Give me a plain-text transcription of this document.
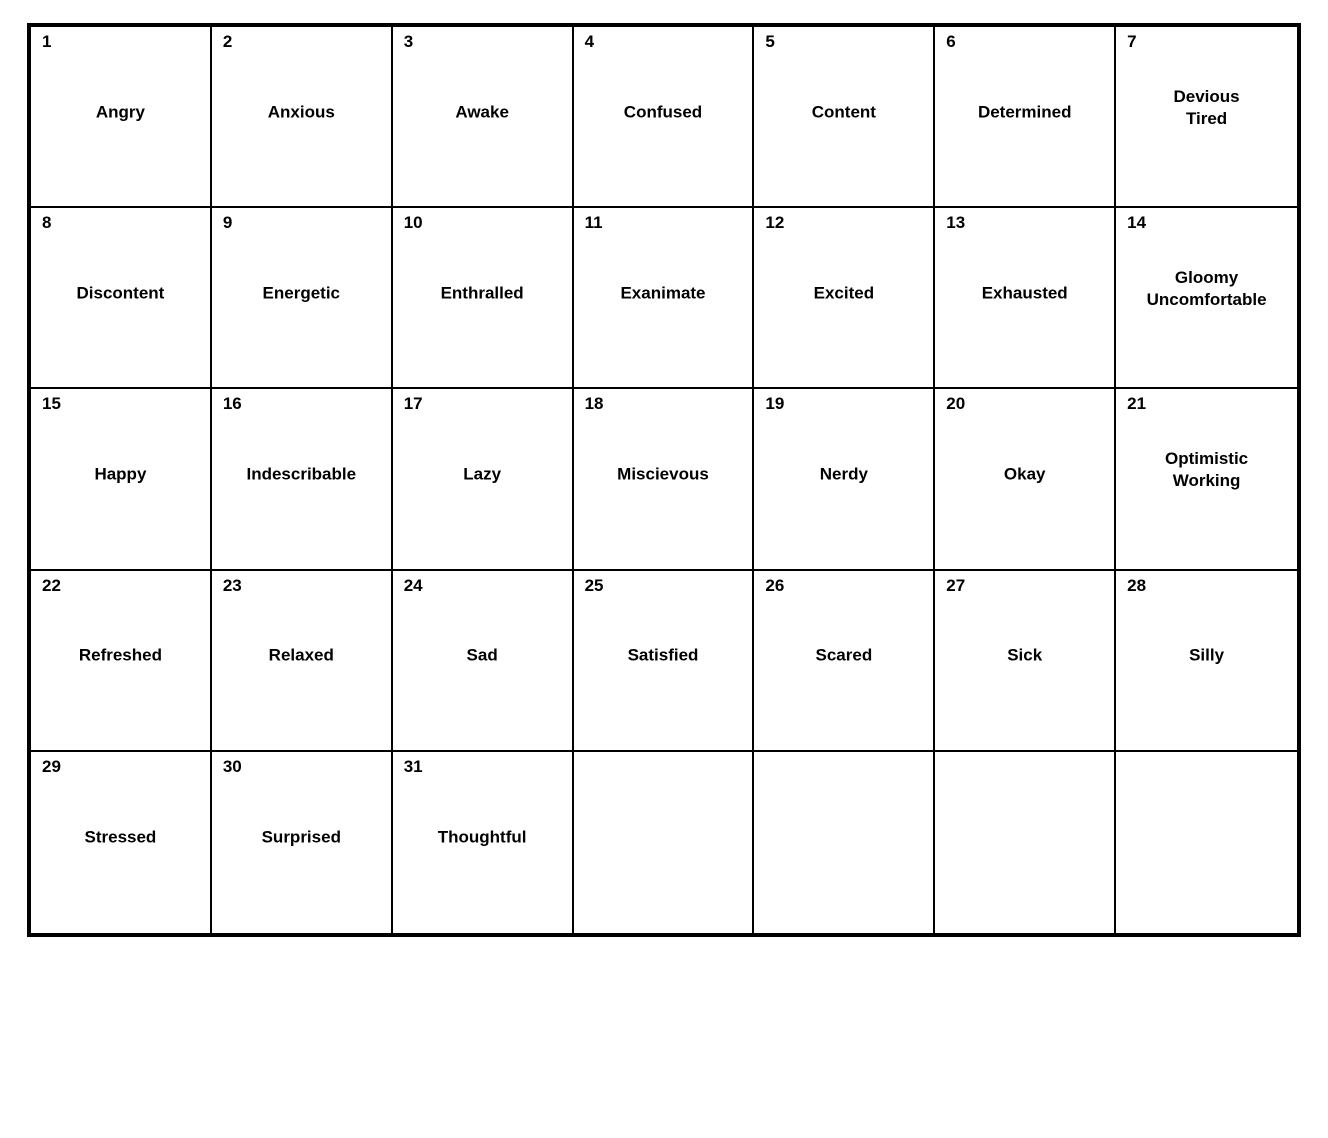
1
Angry
2
Anxious
3
Awake
4
Confused
5
Content
6
Determined
7
Devious
Tired
8
Discontent
9
Energetic
10
Enthralled
11
Exanimate
12
Excited
13
Exhausted
14
Gloomy
Uncomfortable
15
Happy
16
Indescribable
17
Lazy
18
Miscievous
19
Nerdy
20
Okay
21
Optimistic
Working
22
Refreshed
23
Relaxed
24
Sad
25
Satisfied
26
Scared
27
Sick
28
Silly
29
Stressed
30
Surprised
31
Thoughtful
